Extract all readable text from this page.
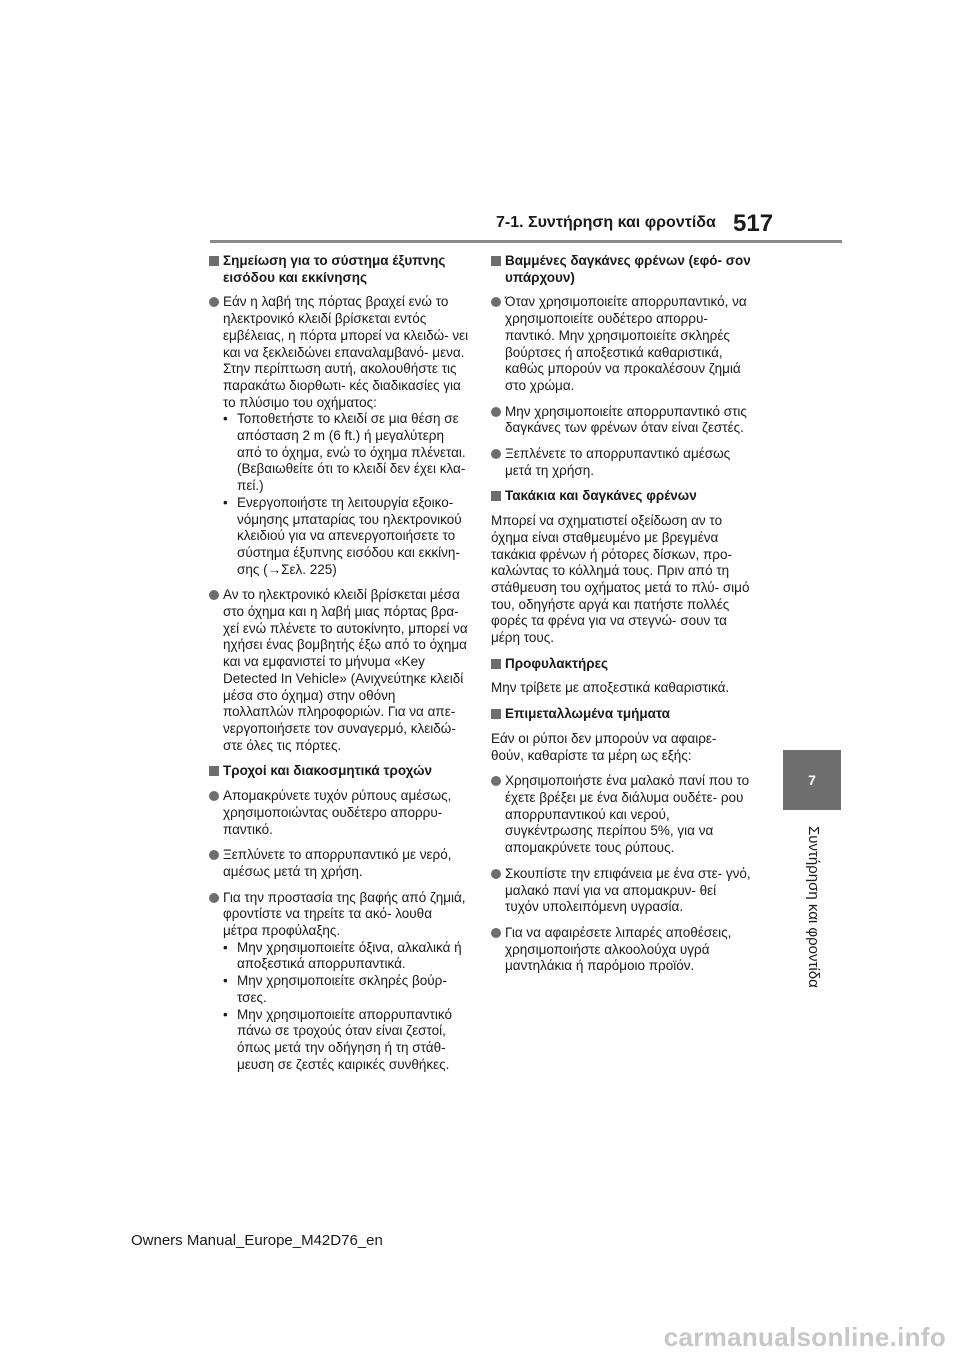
7-1. Συντήρηση και φροντίδα 517
7
Συντήρηση και φροντίδα
Σημείωση για το σύστημα έξυπνης εισόδου και εκκίνησης
Εάν η λαβή της πόρτας βραχεί ενώ το ηλεκτρονικό κλειδί βρίσκεται εντός εμβέλειας, η πόρτα μπορεί να κλειδώ- νει και να ξεκλειδώνει επαναλαμβανό- μενα. Στην περίπτωση αυτή, ακολουθήστε τις παρακάτω διορθωτι- κές διαδικασίες για το πλύσιμο του οχήματος:
• Τοποθετήστε το κλειδί σε μια θέση σε απόσταση 2 m (6 ft.) ή μεγαλύτερη από το όχημα, ενώ το όχημα πλένεται. (Βεβαιωθείτε ότι το κλειδί δεν έχει κλα- πεί.)
• Ενεργοποιήστε τη λειτουργία εξοικο- νόμησης μπαταρίας του ηλεκτρονικού κλειδιού για να απενεργοποιήσετε το σύστημα έξυπνης εισόδου και εκκίνη- σης (→Σελ. 225)
Αν το ηλεκτρονικό κλειδί βρίσκεται μέσα στο όχημα και η λαβή μιας πόρτας βρα- χεί ενώ πλένετε το αυτοκίνητο, μπορεί να ηχήσει ένας βομβητής έξω από το όχημα και να εμφανιστεί το μήνυμα «Key Detected In Vehicle» (Ανιχνεύτηκε κλειδί μέσα στο όχημα) στην οθόνη πολλαπλών πληροφοριών. Για να απε- νεργοποιήσετε τον συναγερμό, κλειδώ- στε όλες τις πόρτες.
Τροχοί και διακοσμητικά τροχών
Απομακρύνετε τυχόν ρύπους αμέσως, χρησιμοποιώντας ουδέτερο απορρυ- παντικό.
Ξεπλύνετε το απορρυπαντικό με νερό, αμέσως μετά τη χρήση.
Για την προστασία της βαφής από ζημιά, φροντίστε να τηρείτε τα ακό- λουθα μέτρα προφύλαξης.
• Μην χρησιμοποιείτε όξινα, αλκαλικά ή αποξεστικά απορρυπαντικά.
• Μην χρησιμοποιείτε σκληρές βούρ- τσες.
• Μην χρησιμοποιείτε απορρυπαντικό πάνω σε τροχούς όταν είναι ζεστοί, όπως μετά την οδήγηση ή τη στάθ- μευση σε ζεστές καιρικές συνθήκες.
Βαμμένες δαγκάνες φρένων (εφό- σον υπάρχουν)
Όταν χρησιμοποιείτε απορρυπαντικό, να χρησιμοποιείτε ουδέτερο απορρυ- παντικό. Μην χρησιμοποιείτε σκληρές βούρτσες ή αποξεστικά καθαριστικά, καθώς μπορούν να προκαλέσουν ζημιά στο χρώμα.
Μην χρησιμοποιείτε απορρυπαντικό στις δαγκάνες των φρένων όταν είναι ζεστές.
Ξεπλένετε το απορρυπαντικό αμέσως μετά τη χρήση.
Τακάκια και δαγκάνες φρένων
Μπορεί να σχηματιστεί οξείδωση αν το όχημα είναι σταθμευμένο με βρεγμένα τακάκια φρένων ή ρότορες δίσκων, προ- καλώντας το κόλλημά τους. Πριν από τη στάθμευση του οχήματος μετά το πλύ- σιμό του, οδηγήστε αργά και πατήστε πολλές φορές τα φρένα για να στεγνώ- σουν τα μέρη τους.
Προφυλακτήρες
Μην τρίβετε με αποξεστικά καθαριστικά.
Επιμεταλλωμένα τμήματα
Εάν οι ρύποι δεν μπορούν να αφαιρε- θούν, καθαρίστε τα μέρη ως εξής:
Χρησιμοποιήστε ένα μαλακό πανί που το έχετε βρέξει με ένα διάλυμα ουδέτε- ρου απορρυπαντικού και νερού, συγκέντρωσης περίπου 5%, για να απομακρύνετε τους ρύπους.
Σκουπίστε την επιφάνεια με ένα στε- γνό, μαλακό πανί για να απομακρυν- θεί τυχόν υπολειπόμενη υγρασία.
Για να αφαιρέσετε λιπαρές αποθέσεις, χρησιμοποιήστε αλκοολούχα υγρά μαντηλάκια ή παρόμοιο προϊόν.
Owners Manual_Europe_M42D76_en
carmanualsonline.info
